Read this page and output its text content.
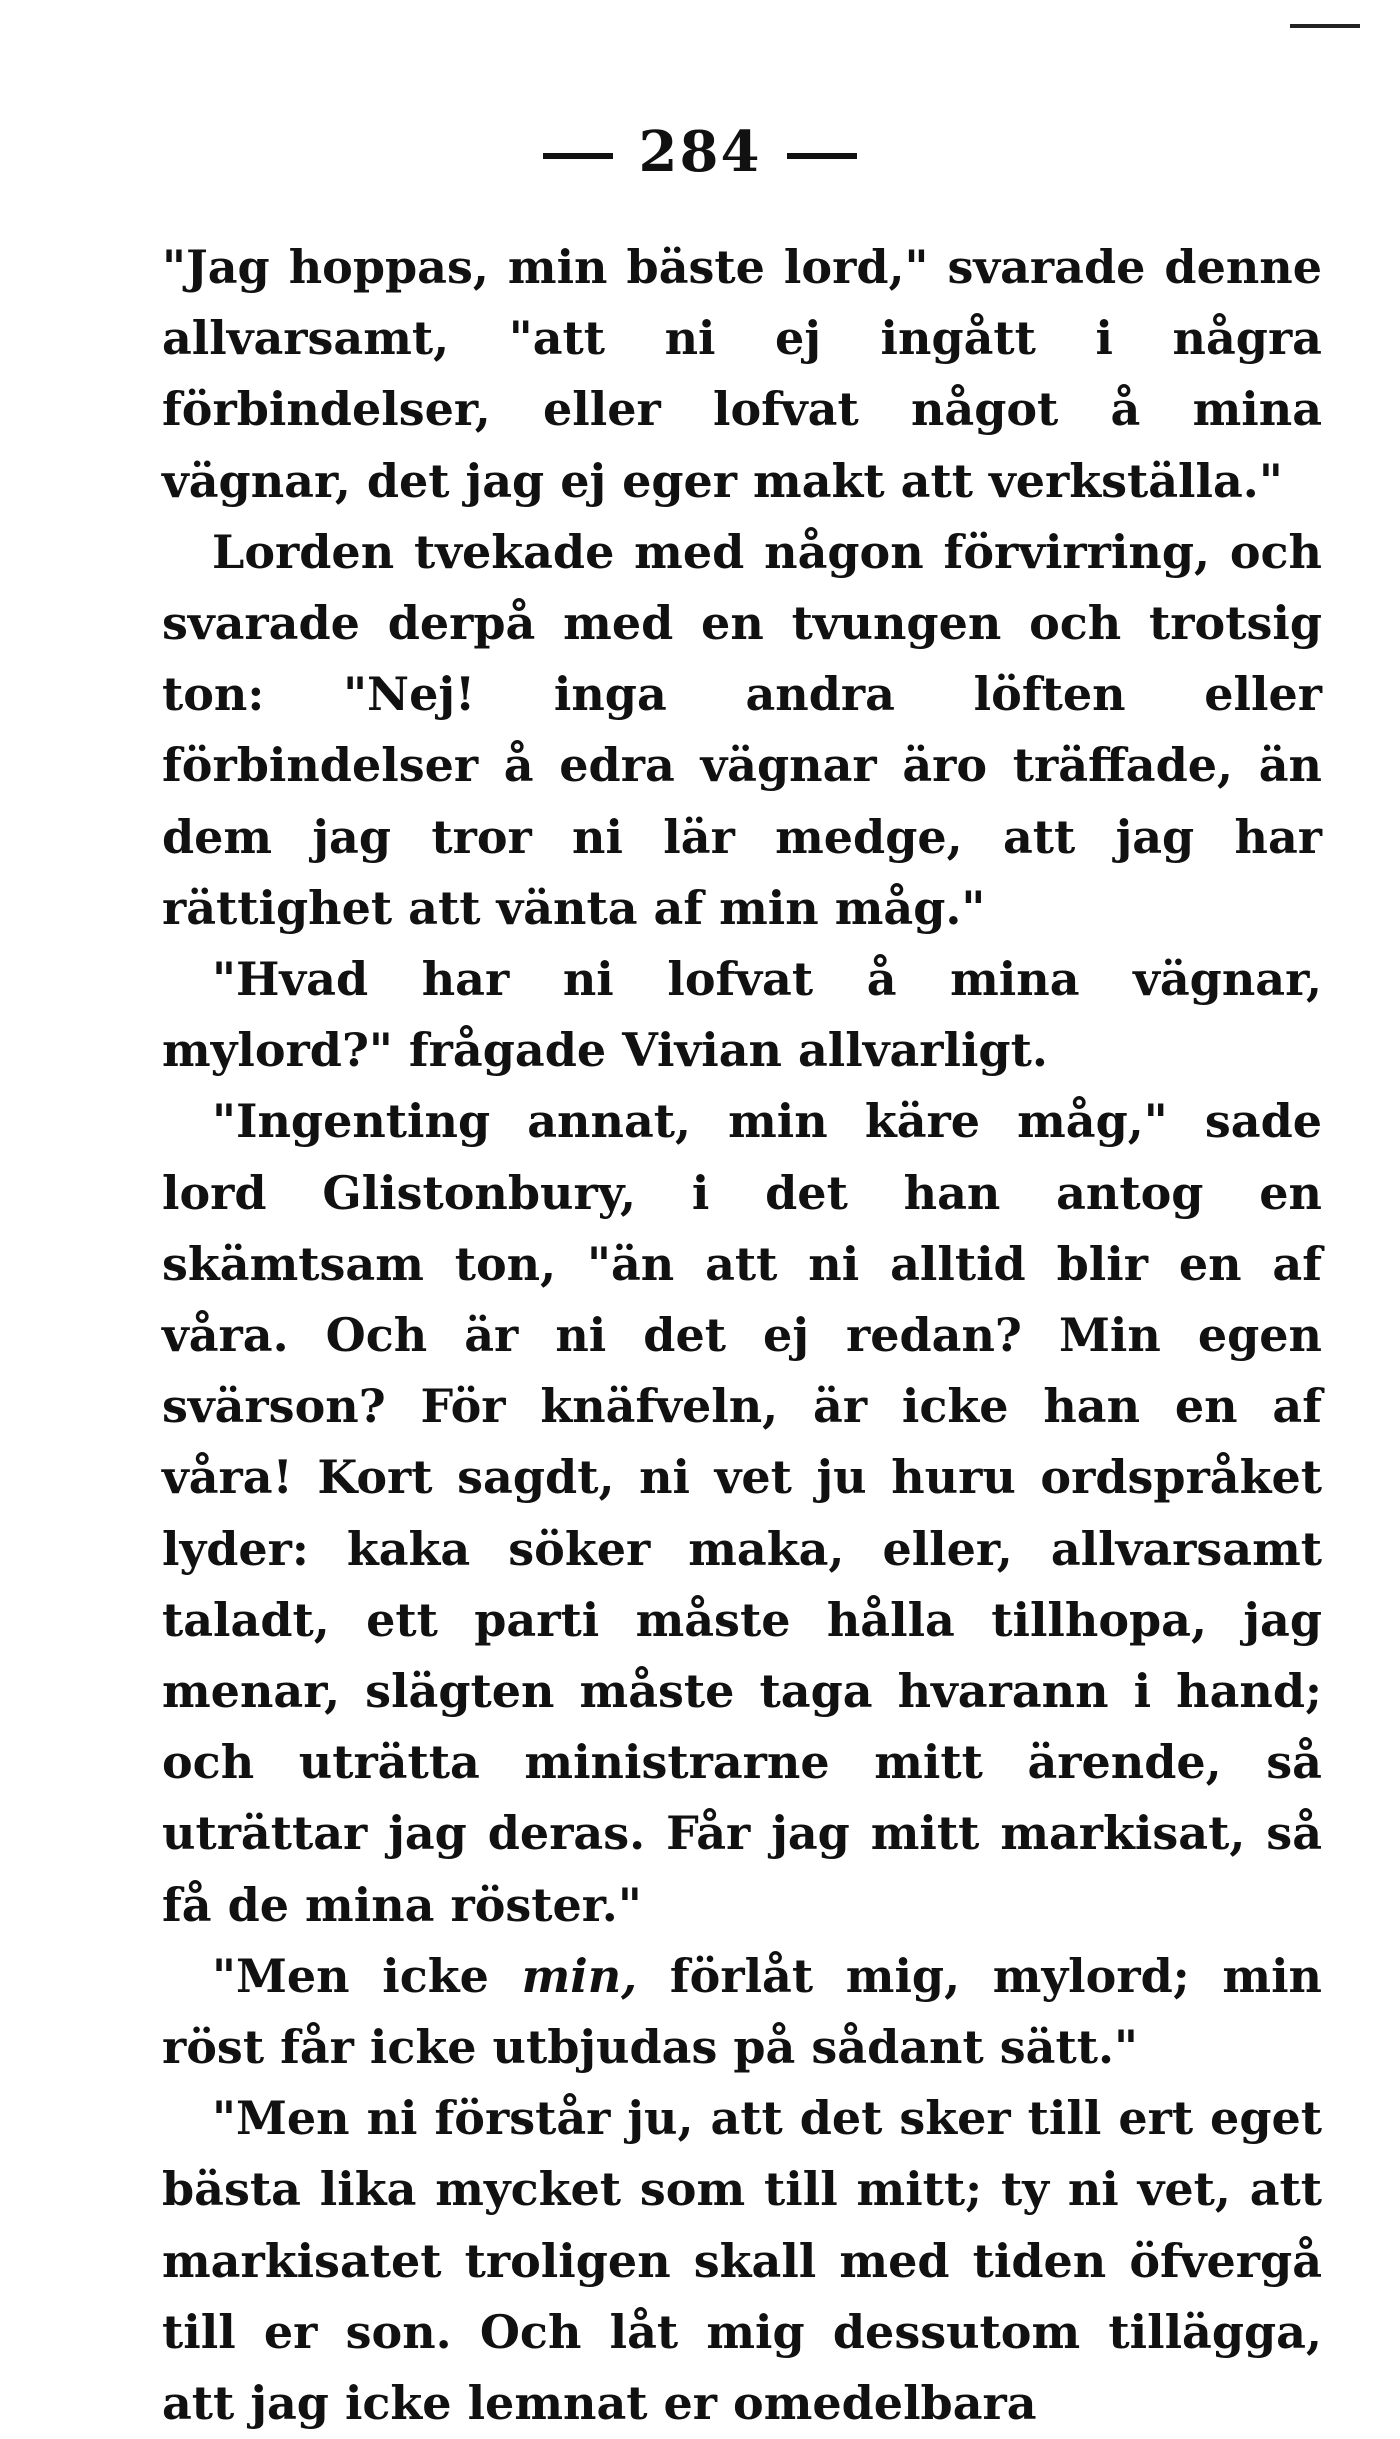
284

"Jag hoppas, min bäste lord," svarade denne allvarsamt, "att ni ej ingått i några förbindelser, eller lofvat något å mina vägnar, det jag ej eger makt att verkställa."

Lorden tvekade med någon förvirring, och svarade derpå med en tvungen och trotsig ton: "Nej! inga andra löften eller förbindelser å edra vägnar äro träffade, än dem jag tror ni lär medge, att jag har rättighet att vänta af min måg."

"Hvad har ni lofvat å mina vägnar, mylord?" frågade Vivian allvarligt.

"Ingenting annat, min käre måg," sade lord Glistonbury, i det han antog en skämtsam ton, "än att ni alltid blir en af våra. Och är ni det ej redan? Min egen svärson? För knäfveln, är icke han en af våra! Kort sagdt, ni vet ju huru ordspråket lyder: kaka söker maka, eller, allvarsamt taladt, ett parti måste hålla tillhopa, jag menar, slägten måste taga hvarann i hand; och uträtta ministrarne mitt ärende, så uträttar jag deras. Får jag mitt markisat, så få de mina röster."

"Men icke min, förlåt mig, mylord; min röst får icke utbjudas på sådant sätt."

"Men ni förstår ju, att det sker till ert eget bästa lika mycket som till mitt; ty ni vet, att markisatet troligen skall med tiden öfvergå till er son. Och låt mig dessutom tillägga, att jag icke lemnat er omedelbara
